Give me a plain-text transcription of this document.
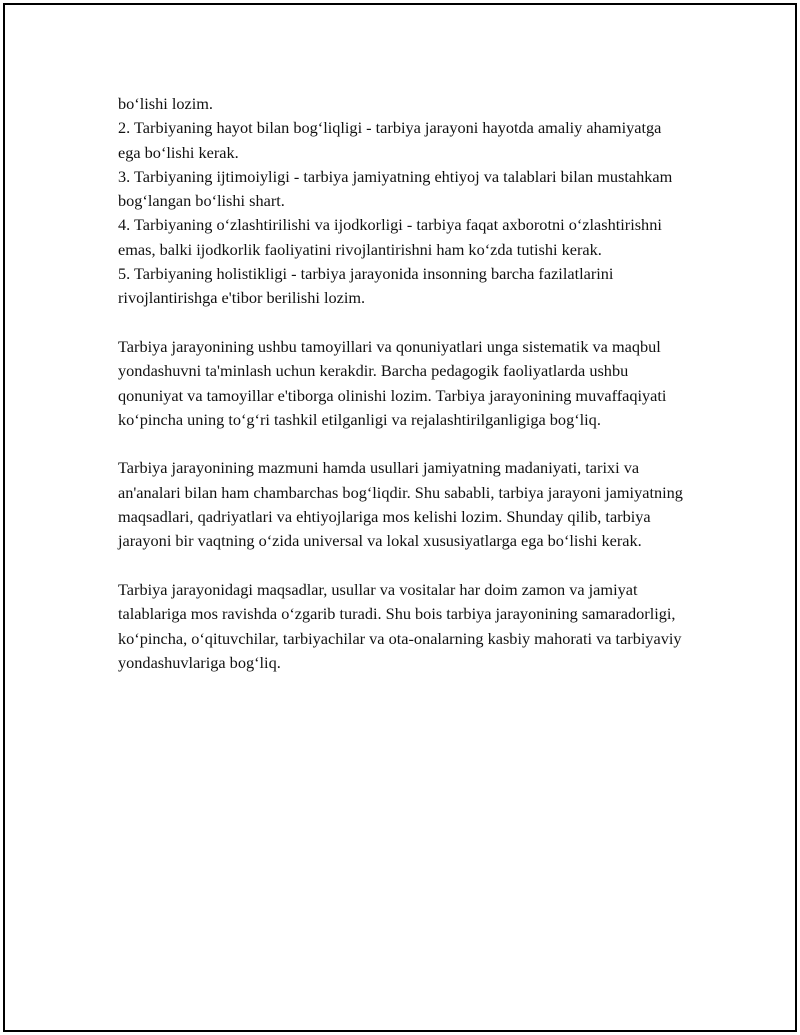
boʻlishi lozim.

2. Tarbiyaning hayot bilan bogʻliqligi - tarbiya jarayoni hayotda amaliy ahamiyatga ega boʻlishi kerak.

3. Tarbiyaning ijtimoiyligi - tarbiya jamiyatning ehtiyoj va talablari bilan mustahkam bogʻlangan boʻlishi shart.

4. Tarbiyaning oʻzlashtirilishi va ijodkorligi - tarbiya faqat axborotni oʻzlashtirishni emas, balki ijodkorlik faoliyatini rivojlantirishni ham koʻzda tutishi kerak.

5. Tarbiyaning holistikligi - tarbiya jarayonida insonning barcha fazilatlarini rivojlantirishga e'tibor berilishi lozim.

Tarbiya jarayonining ushbu tamoyillari va qonuniyatlari unga sistematik va maqbul yondashuvni ta'minlash uchun kerakdir. Barcha pedagogik faoliyatlarda ushbu qonuniyat va tamoyillar e'tiborga olinishi lozim. Tarbiya jarayonining muvaffaqiyati koʻpincha uning toʻgʻri tashkil etilganligi va rejalashtirilganligiga bogʻliq.

Tarbiya jarayonining mazmuni hamda usullari jamiyatning madaniyati, tarixi va an'analari bilan ham chambarchas bogʻliqdir. Shu sababli, tarbiya jarayoni jamiyatning maqsadlari, qadriyatlari va ehtiyojlariga mos kelishi lozim. Shunday qilib, tarbiya jarayoni bir vaqtning oʻzida universal va lokal xususiyatlarga ega boʻlishi kerak.

Tarbiya jarayonidagi maqsadlar, usullar va vositalar har doim zamon va jamiyat talablariga mos ravishda oʻzgarib turadi. Shu bois tarbiya jarayonining samaradorligi, koʻpincha, oʻqituvchilar, tarbiyachilar va ota-onalarning kasbiy mahorati va tarbiyaviy yondashuvlariga bogʻliq.
